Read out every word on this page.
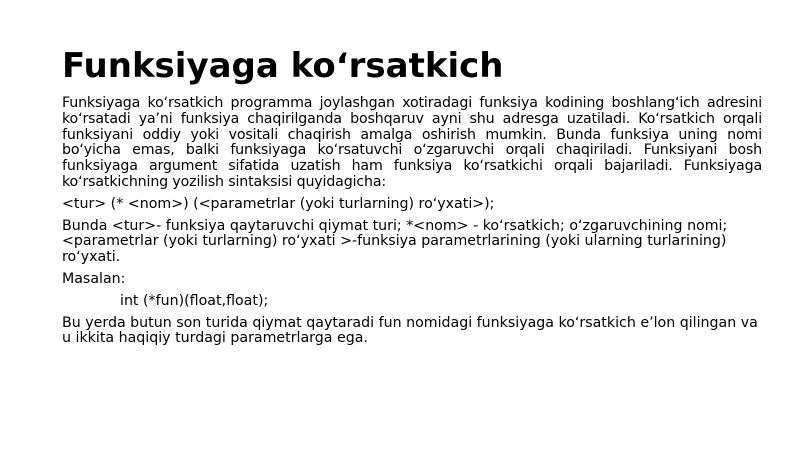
Funksiyaga koʻrsatkich

Funksiyaga koʻrsatkich programma joylashgan xotiradagi funksiya kodining boshlangʻich adresini koʻrsatadi ya’ni funksiya chaqirilganda boshqaruv ayni shu adresga uzatiladi. Koʻrsatkich orqali funksiyani oddiy yoki vositali chaqirish amalga oshirish mumkin. Bunda funksiya uning nomi boʻyicha emas, balki funksiyaga koʻrsatuvchi oʻzgaruvchi orqali chaqiriladi. Funksiyani bosh funksiyaga argument sifatida uzatish ham funksiya koʻrsatkichi orqali bajariladi. Funksiyaga koʻrsatkichning yozilish sintaksisi quyidagicha:

<tur> (* <nom>) (<parametrlar (yoki turlarning) roʻyxati>);

Bunda <tur>- funksiya qaytaruvchi qiymat turi; *<nom> - koʻrsatkich; oʻzgaruvchining nomi; <parametrlar (yoki turlarning) roʻyxati >-funksiya parametrlarining (yoki ularning turlarining) roʻyxati.

Masalan:

int (*fun)(float,float);

Bu yerda butun son turida qiymat qaytaradi fun nomidagi funksiyaga koʻrsatkich e’lon qilingan va u ikkita haqiqiy turdagi parametrlarga ega.
